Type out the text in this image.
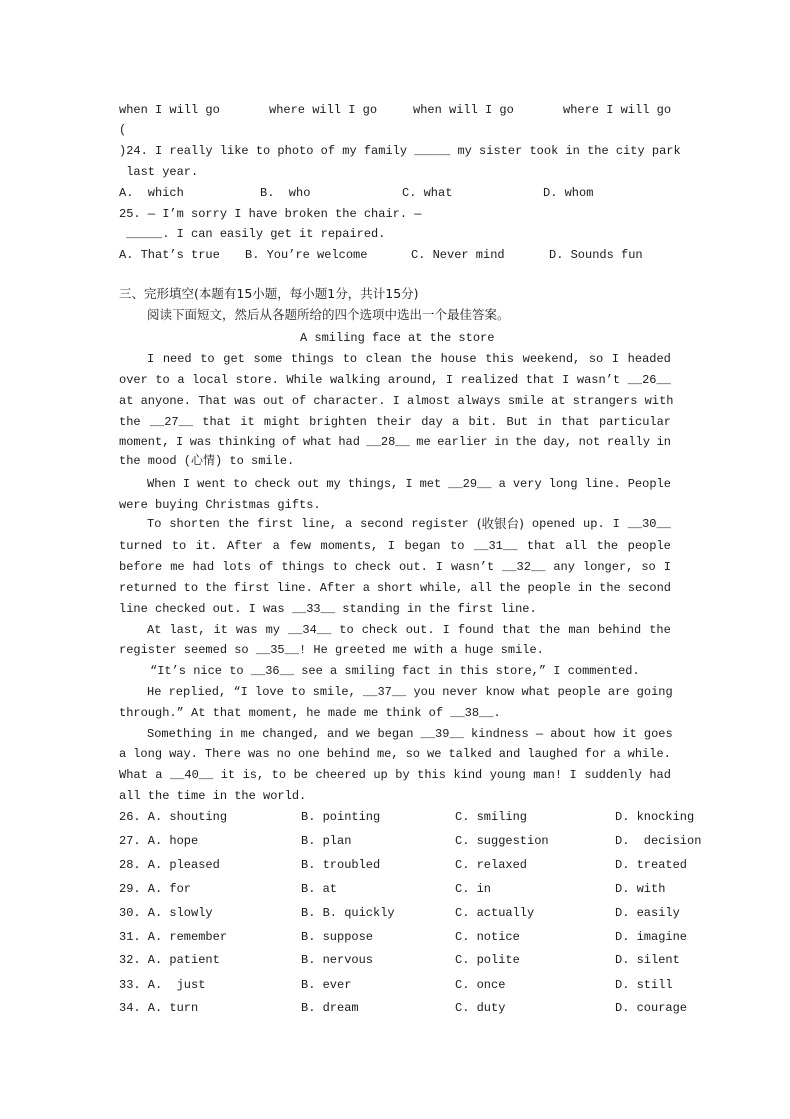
when I will go	where will I go	when will I go	where I will go
(
)24. I really like to photo of my family _____ my sister took in the city park
last year.
A.  which	B.  who	C. what	D. whom
25. — I’m sorry I have broken the chair. —
_____. I can easily get it repaired.
A. That’s true B. You’re welcome	C. Never mind	D. Sounds fun
三、完形填空(本题有15小题，每小题1分，共计15分)
阅读下面短文，然后从各题所给的四个选项中选出一个最佳答案。
A smiling face at the store
I need to get some things to clean the house this weekend, so I headed
over to a local store. While walking around, I realized that I wasn’t __26__
at anyone. That was out of character. I almost always smile at strangers with
the __27__ that it might brighten their day a bit. But in that particular
moment, I was thinking of what had __28__ me earlier in the day, not really in
the mood (心情) to smile.
When I went to check out my things, I met __29__ a very long line. People
were buying Christmas gifts.
To shorten the first line, a second register (收银台) opened up. I __30__
turned to it. After a few moments, I began to __31__ that all the people
before me had lots of things to check out. I wasn’t __32__ any longer, so I
returned to the first line. After a short while, all the people in the second
line checked out. I was __33__ standing in the first line.
At last, it was my __34__ to check out. I found that the man behind the
register seemed so __35__! He greeted me with a huge smile.
“It’s nice to __36__ see a smiling fact in this store,” I commented.
He replied, “I love to smile, __37__ you never know what people are going
through.” At that moment, he made me think of __38__.
Something in me changed, and we began __39__ kindness — about how it goes
a long way. There was no one behind me, so we talked and laughed for a while.
What a __40__ it is, to be cheered up by this kind young man! I suddenly had
all the time in the world.
26. A. shouting	B. pointing	C. smiling	D. knocking
27. A. hope	B. plan	C. suggestion	D.  decision
28. A. pleased	B. troubled	C. relaxed	D. treated
29. A. for	B. at	C. in	D. with
30. A. slowly	B. B. quickly	C. actually	D. easily
31. A. remember	B. suppose	C. notice	D. imagine
32. A. patient	B. nervous	C. polite	D. silent
33. A.  just	B. ever	C. once	D. still
34. A. turn	B. dream	C. duty	D. courage
